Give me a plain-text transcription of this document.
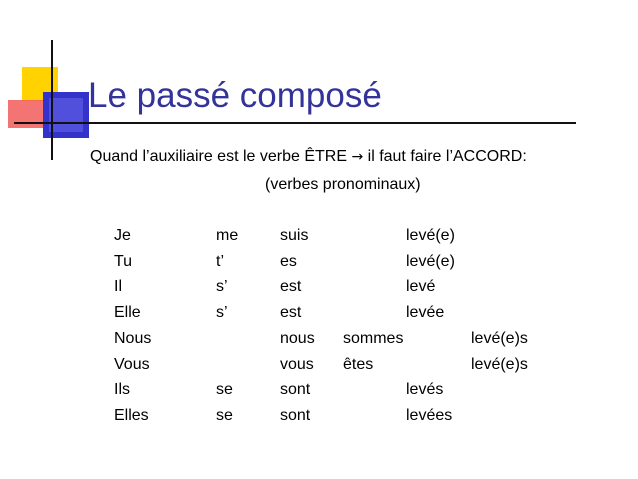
Le passé composé
Quand l’auxiliaire est le verbe ÊTRE → il faut faire l’ACCORD:
(verbes pronominaux)
Je	me	suis	levé(e)
Tu	t’	es	levé(e)
Il	s’	est	levé
Elle	s’	est	levée
Nous	nous sommes	levé(e)s
Vous	vous êtes	levé(e)s
Ils	se	sont	levés
Elles	se	sont	levées
